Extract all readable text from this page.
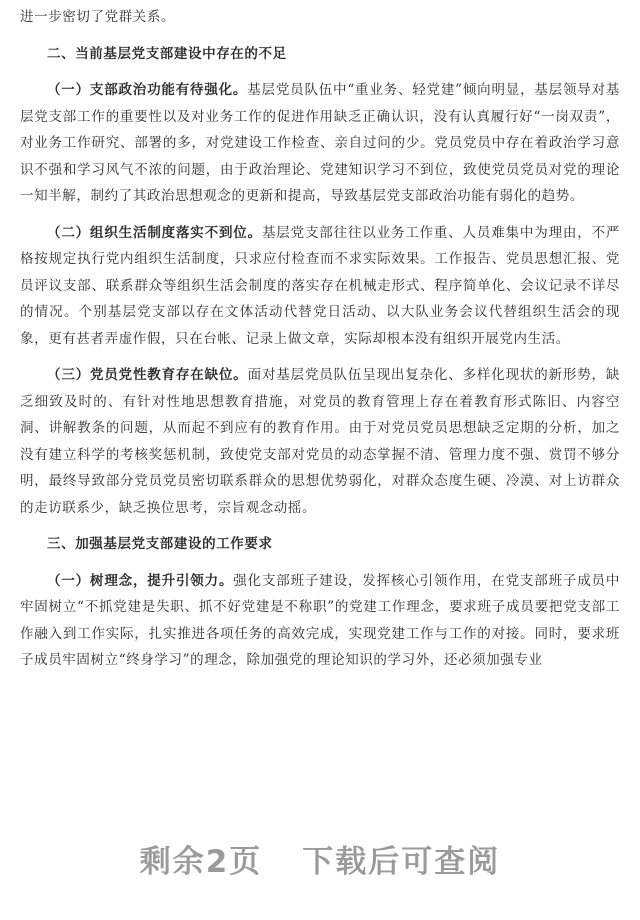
进一步密切了党群关系。

二、当前基层党支部建设中存在的不足

（一）支部政治功能有待强化。基层党员队伍中“重业务、轻党建”倾向明显，基层领导对基层党支部工作的重要性以及对业务工作的促进作用缺乏正确认识，没有认真履行好“一岗双责”，对业务工作研究、部署的多，对党建设工作检查、亲自过问的少。党员党员中存在着政治学习意识不强和学习风气不浓的问题，由于政治理论、党建知识学习不到位，致使党员党员对党的理论一知半解，制约了其政治思想观念的更新和提高，导致基层党支部政治功能有弱化的趋势。

（二）组织生活制度落实不到位。基层党支部往往以业务工作重、人员难集中为理由，不严格按规定执行党内组织生活制度，只求应付检查而不求实际效果。工作报告、党员思想汇报、党员评议支部、联系群众等组织生活会制度的落实存在机械走形式、程序简单化、会议记录不详尽的情况。个别基层党支部以存在文体活动代替党日活动、以大队业务会议代替组织生活会的现象，更有甚者弄虚作假，只在台帐、记录上做文章，实际却根本没有组织开展党内生活。

（三）党员党性教育存在缺位。面对基层党员队伍呈现出复杂化、多样化现状的新形势，缺乏细致及时的、有针对性地思想教育措施，对党员的教育管理上存在着教育形式陈旧、内容空洞、讲解教条的问题，从而起不到应有的教育作用。由于对党员党员思想缺乏定期的分析，加之没有建立科学的考核奖惩机制，致使党支部对党员的动态掌握不清、管理力度不强、赏罚不够分明，最终导致部分党员党员密切联系群众的思想优势弱化，对群众态度生硬、冷漠、对上访群众的走访联系少，缺乏换位思考，宗旨观念动摇。

三、加强基层党支部建设的工作要求

（一）树理念，提升引领力。强化支部班子建设，发挥核心引领作用，在党支部班子成员中牢固树立“不抓党建是失职、抓不好党建是不称职”的党建工作理念，要求班子成员要把党支部工作融入到工作实际，扎实推进各项任务的高效完成，实现党建工作与工作的对接。同时，要求班子成员牢固树立“终身学习”的理念，除加强党的理论知识的学习外，还必须加强专业

剩余2页 下载后可查阅
